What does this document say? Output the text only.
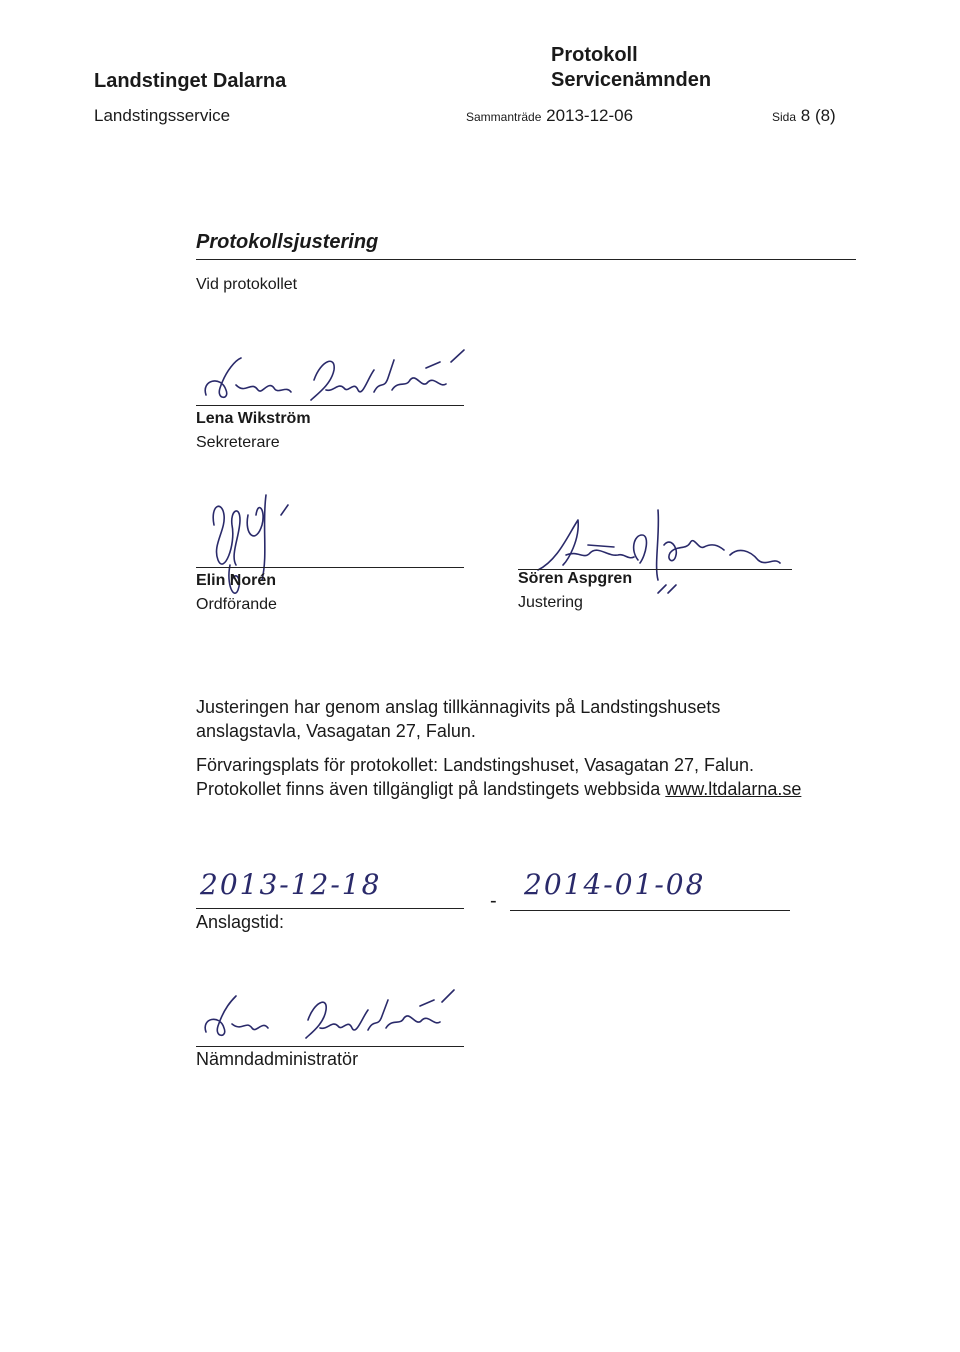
Landstinget Dalarna
Landstingsservice
Protokoll
Servicenämnden
Sammanträde 2013-12-06	Sida 8 (8)
Protokollsjustering
Vid protokollet
Lena Wikström
Sekreterare
Elin Norén
Ordförande
Sören Aspgren
Justering
Justeringen har genom anslag tillkännagivits på Landstingshusets
anslagstavla, Vasagatan 27, Falun.
Förvaringsplats för protokollet: Landstingshuset, Vasagatan 27, Falun.
Protokollet finns även tillgängligt på landstingets webbsida www.ltdalarna.se
2013-12-18
Anslagstid:
- 2014-01-08
Nämndadministratör
